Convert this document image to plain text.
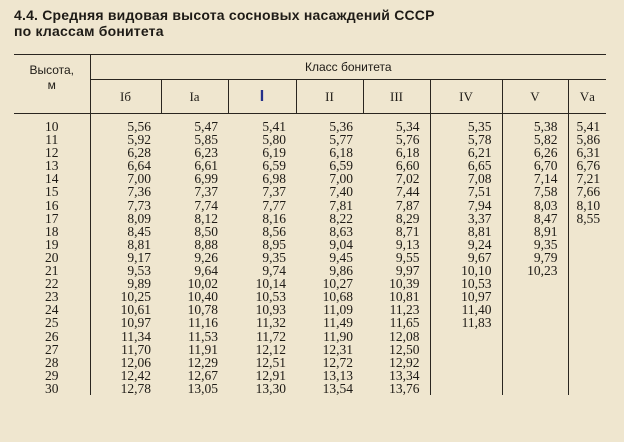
4.4. Средняя видовая высота сосновых насаждений СССР
по классам бонитета
Высота,
м	Класс бонитета							
	Iб	Iа	I	II	III	IV	V	Vа

10	5,56	5,47	5,41	5,36	5,34	5,35	5,38	5,41
11	5,92	5,85	5,80	5,77	5,76	5,78	5,82	5,86
12	6,28	6,23	6,19	6,18	6,18	6,21	6,26	6,31
13	6,64	6,61	6,59	6,59	6,60	6,65	6,70	6,76
14	7,00	6,99	6,98	7,00	7,02	7,08	7,14	7,21
15	7,36	7,37	7,37	7,40	7,44	7,51	7,58	7,66
16	7,73	7,74	7,77	7,81	7,87	7,94	8,03	8,10
17	8,09	8,12	8,16	8,22	8,29	3,37	8,47	8,55
18	8,45	8,50	8,56	8,63	8,71	8,81	8,91	
19	8,81	8,88	8,95	9,04	9,13	9,24	9,35	
20	9,17	9,26	9,35	9,45	9,55	9,67	9,79	
21	9,53	9,64	9,74	9,86	9,97	10,10	10,23	
22	9,89	10,02	10,14	10,27	10,39	10,53		
23	10,25	10,40	10,53	10,68	10,81	10,97		
24	10,61	10,78	10,93	11,09	11,23	11,40		
25	10,97	11,16	11,32	11,49	11,65	11,83		
26	11,34	11,53	11,72	11,90	12,08			
27	11,70	11,91	12,12	12,31	12,50			
28	12,06	12,29	12,51	12,72	12,92			
29	12,42	12,67	12,91	13,13	13,34			
30	12,78	13,05	13,30	13,54	13,76			
